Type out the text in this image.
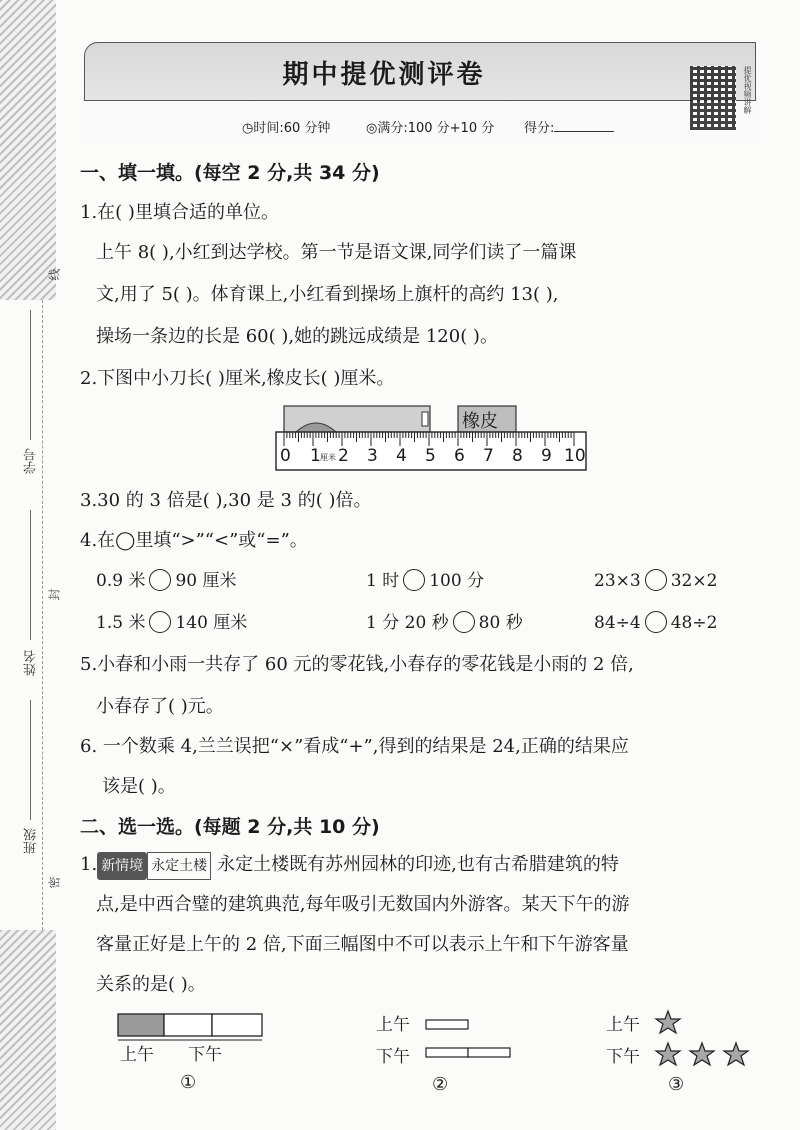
学号
姓名
班级
线
封
密
期中提优测评卷
◷时间:60 分钟	◎满分:100 分+10 分 得分:
提优视频讲解
一、填一填。(每空 2 分,共 34 分)
1.在( )里填合适的单位。
上午 8( ),小红到达学校。第一节是语文课,同学们读了一篇课
文,用了 5( )。体育课上,小红看到操场上旗杆的高约 13( ),
操场一条边的长是 60( ),她的跳远成绩是 120( )。
2.下图中小刀长( )厘米,橡皮长( )厘米。
橡皮
0 1 厘米 2 3 4 5 6 7 8 9 10
3.30 的 3 倍是( ),30 是 3 的( )倍。
4.在◯里填“>”“<”或“=”。
0.9 米 90 厘米	1 时 100 分	23×3 32×2
1.5 米 140 厘米	1 分 20 秒 80 秒	84÷4 48÷2
5.小春和小雨一共存了 60 元的零花钱,小春存的零花钱是小雨的 2 倍,
小春存了( )元。
6. 一个数乘 4,兰兰误把“×”看成“+”,得到的结果是 24,正确的结果应
该是( )。
二、选一选。(每题 2 分,共 10 分)
1. 新情境 永定土楼 永定土楼既有苏州园林的印迹,也有古希腊建筑的特
点,是中西合璧的建筑典范,每年吸引无数国内外游客。某天下午的游
客量正好是上午的 2 倍,下面三幅图中不可以表示上午和下午游客量
关系的是( )。
上午 下午
①
上午
下午
②
上午
下午
③
